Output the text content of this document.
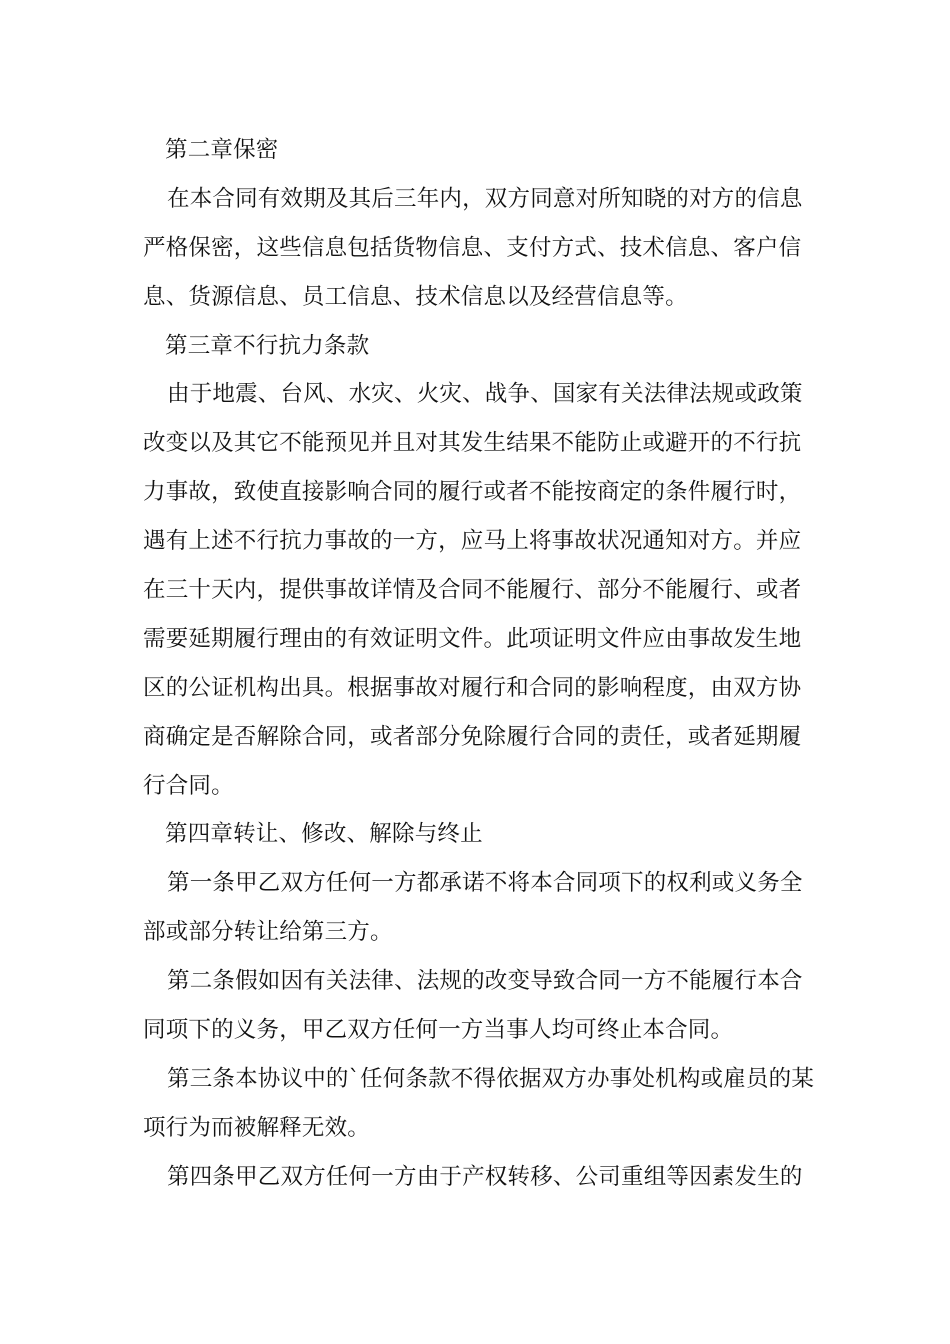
第二章保密
在本合同有效期及其后三年内，双方同意对所知晓的对方的信息
严格保密，这些信息包括货物信息、支付方式、技术信息、客户信
息、货源信息、员工信息、技术信息以及经营信息等。
第三章不行抗力条款
由于地震、台风、水灾、火灾、战争、国家有关法律法规或政策
改变以及其它不能预见并且对其发生结果不能防止或避开的不行抗
力事故，致使直接影响合同的履行或者不能按商定的条件履行时，
遇有上述不行抗力事故的一方，应马上将事故状况通知对方。并应
在三十天内，提供事故详情及合同不能履行、部分不能履行、或者
需要延期履行理由的有效证明文件。此项证明文件应由事故发生地
区的公证机构出具。根据事故对履行和合同的影响程度，由双方协
商确定是否解除合同，或者部分免除履行合同的责任，或者延期履
行合同。
第四章转让、修改、解除与终止
第一条甲乙双方任何一方都承诺不将本合同项下的权利或义务全
部或部分转让给第三方。
第二条假如因有关法律、法规的改变导致合同一方不能履行本合
同项下的义务，甲乙双方任何一方当事人均可终止本合同。
第三条本协议中的`任何条款不得依据双方办事处机构或雇员的某
项行为而被解释无效。
第四条甲乙双方任何一方由于产权转移、公司重组等因素发生的
